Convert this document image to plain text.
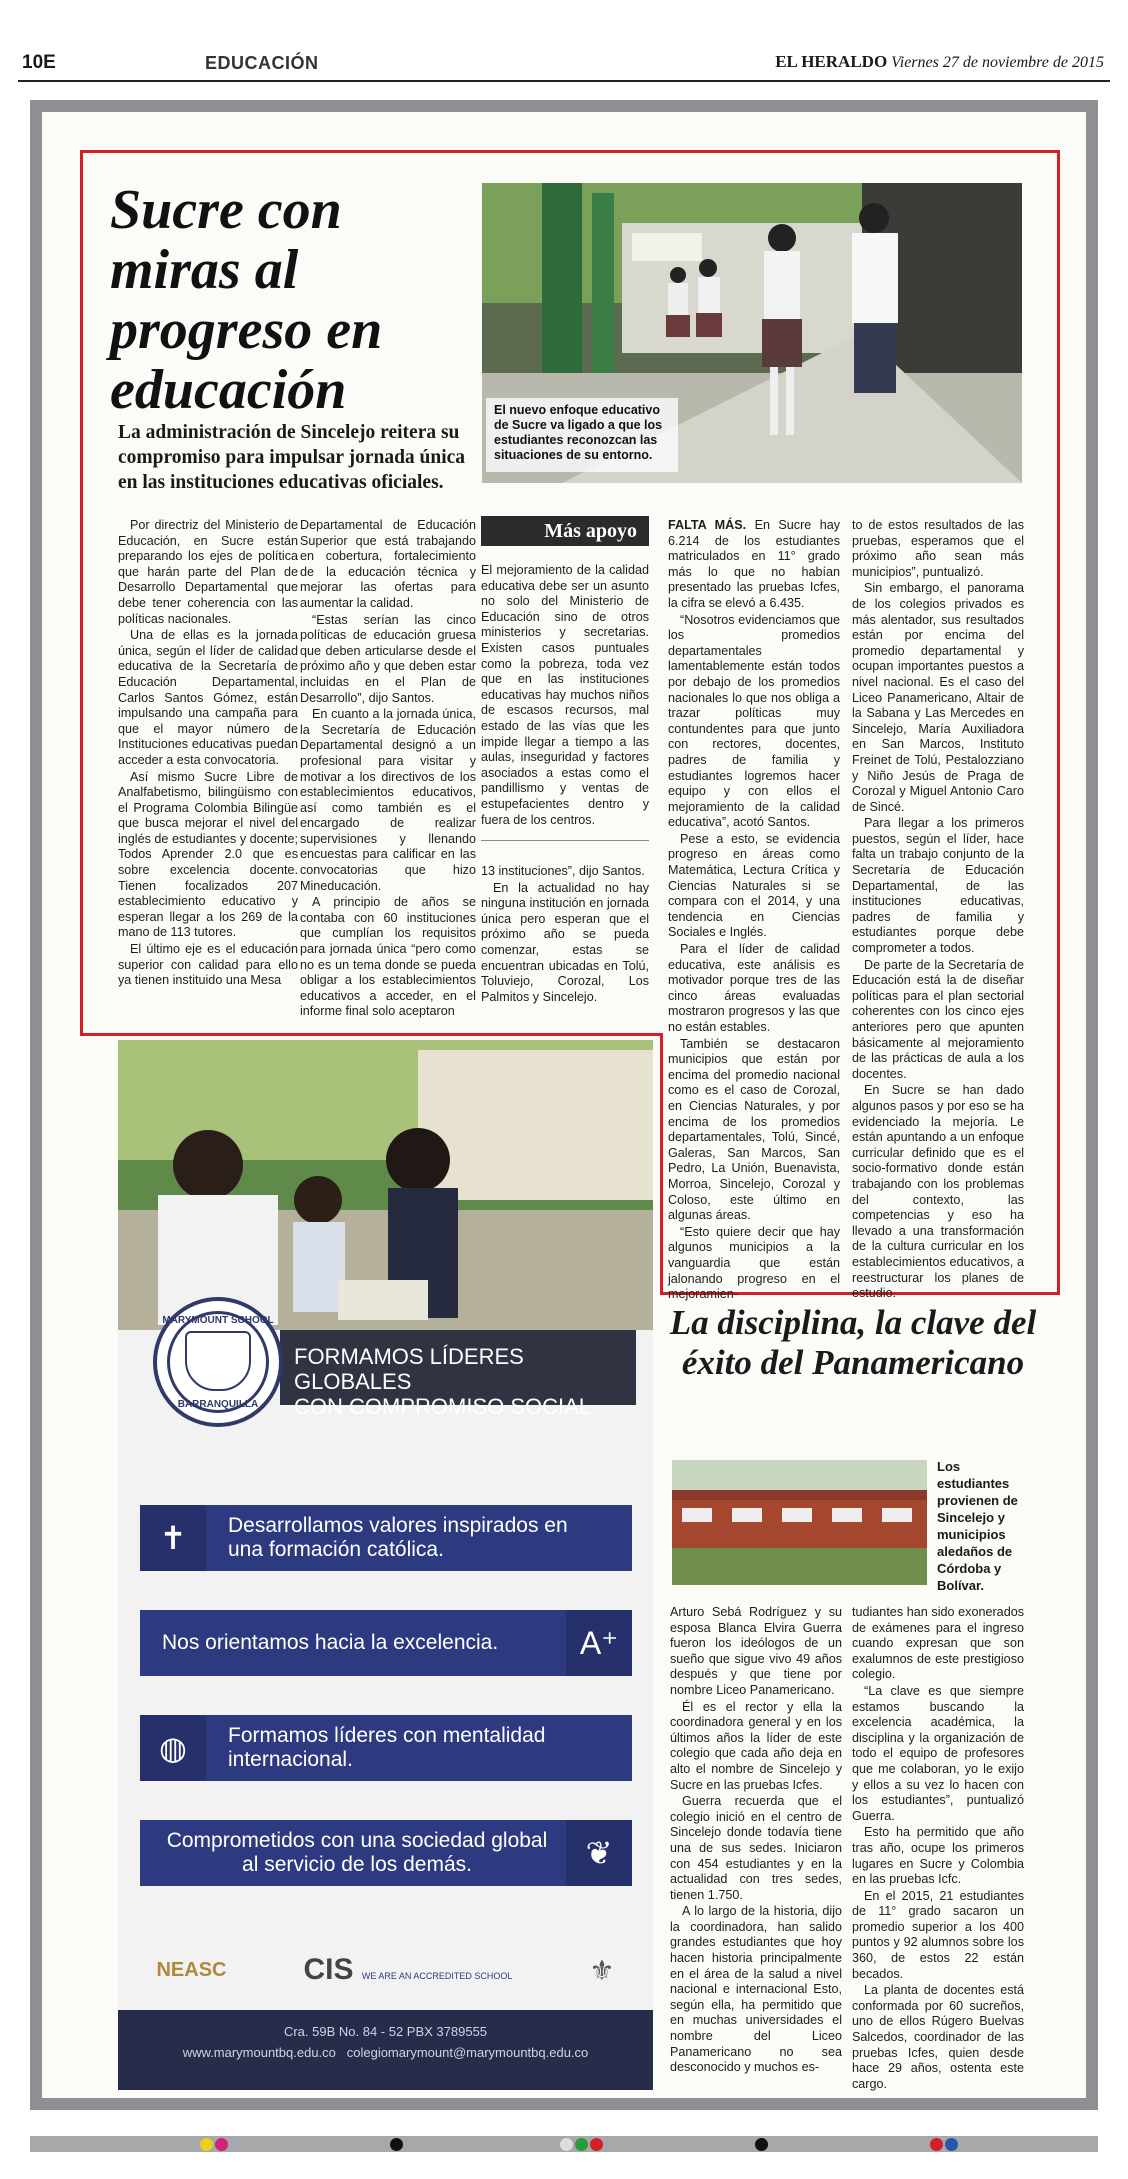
10E	EDUCACIÓN	EL HERALDO Viernes 27 de noviembre de 2015
Sucre con miras al progreso en educación

La administración de Sincelejo reitera su compromiso para impulsar jornada única en las instituciones educativas oficiales.

El nuevo enfoque educativo de Sucre va ligado a que los estudiantes reconozcan las situaciones de su entorno.

Por directriz del Ministerio de Educación, en Sucre están preparando los ejes de política que harán parte del Plan de Desarrollo Departamental que debe tener coherencia con las políticas nacionales.

Una de ellas es la jornada única, según el líder de calidad educativa de la Secretaría de Educación Departamental, Carlos Santos Gómez, están impulsando una campaña para que el mayor número de Instituciones educativas puedan acceder a esta convocatoria.

Así mismo Sucre Libre de Analfabetismo, bilingüismo con el Programa Colombia Bilingüe que busca mejorar el nivel del inglés de estudiantes y docente; Todos Aprender 2.0 que es sobre excelencia docente. Tienen focalizados 207 establecimiento educativo y esperan llegar a los 269 de la mano de 113 tutores.

El último eje es el educación superior con calidad para ello ya tienen instituido una Mesa

Departamental de Educación Superior que está trabajando en cobertura, fortalecimiento de la educación técnica y mejorar las ofertas para aumentar la calidad.

“Estas serían las cinco políticas de educación gruesa que deben articularse desde el próximo año y que deben estar incluidas en el Plan de Desarrollo”, dijo Santos.

En cuanto a la jornada única, la Secretaría de Educación Departamental designó a un profesional para visitar y motivar a los directivos de los establecimientos educativos, así como también es el encargado de realizar supervisiones y llenando encuestas para calificar en las convocatorias que hizo Mineducación.

A principio de años se contaba con 60 instituciones que cumplían los requisitos para jornada única “pero como no es un tema donde se pueda obligar a los establecimientos educativos a acceder, en el informe final solo aceptaron

Más apoyo

El mejoramiento de la calidad educativa debe ser un asunto no solo del Ministerio de Educación sino de otros ministerios y secretarias. Existen casos puntuales como la pobreza, toda vez que en las instituciones educativas hay muchos niños de escasos recursos, mal estado de las vías que les impide llegar a tiempo a las aulas, inseguridad y factores asociados a estas como el pandillismo y ventas de estupefacientes dentro y fuera de los centros.

13 instituciones”, dijo Santos.

En la actualidad no hay ninguna institución en jornada única pero esperan que el próximo año se pueda comenzar, estas se encuentran ubicadas en Tolú, Toluviejo, Corozal, Los Palmitos y Sincelejo.

FALTA MÁS. En Sucre hay 6.214 de los estudiantes matriculados en 11° grado más lo que no habían presentado las pruebas Icfes, la cifra se elevó a 6.435.

“Nosotros evidenciamos que los promedios departamentales lamentablemente están todos por debajo de los promedios nacionales lo que nos obliga a trazar políticas muy contundentes para que junto con rectores, docentes, padres de familia y estudiantes logremos hacer equipo y con ellos el mejoramiento de la calidad educativa”, acotó Santos.

Pese a esto, se evidencia progreso en áreas como Matemática, Lectura Crítica y Ciencias Naturales si se compara con el 2014, y una tendencia en Ciencias Sociales e Inglés.

Para el líder de calidad educativa, este análisis es motivador porque tres de las cinco áreas evaluadas mostraron progresos y las que no están estables.

También se destacaron municipios que están por encima del promedio nacional como es el caso de Corozal, en Ciencias Naturales, y por encima de los promedios departamentales, Tolú, Sincé, Galeras, San Marcos, San Pedro, La Unión, Buenavista, Morroa, Sincelejo, Corozal y Coloso, este último en algunas áreas.

“Esto quiere decir que hay algunos municipios a la vanguardia que están jalonando progreso en el mejoramien-

to de estos resultados de las pruebas, esperamos que el próximo año sean más municipios”, puntualizó.

Sin embargo, el panorama de los colegios privados es más alentador, sus resultados están por encima del promedio departamental y ocupan importantes puestos a nivel nacional. Es el caso del Liceo Panamericano, Altair de la Sabana y Las Mercedes en Sincelejo, María Auxiliadora en San Marcos, Instituto Freinet de Tolú, Pestalozziano y Niño Jesús de Praga de Corozal y Miguel Antonio Caro de Sincé.

Para llegar a los primeros puestos, según el líder, hace falta un trabajo conjunto de la Secretaría de Educación Departamental, de las instituciones educativas, padres de familia y estudiantes porque debe comprometer a todos.

De parte de la Secretaría de Educación está la de diseñar políticas para el plan sectorial coherentes con los cinco ejes anteriores pero que apunten básicamente al mejoramiento de las prácticas de aula a los docentes.

En Sucre se han dado algunos pasos y por eso se ha evidenciado la mejoría. Le están apuntando a un enfoque curricular definido que es el socio-formativo donde están trabajando con los problemas del contexto, las competencias y eso ha llevado a una transformación de la cultura curricular en los establecimientos educativos, a reestructurar los planes de estudio.

FORMAMOS LÍDERES GLOBALES
CON COMPROMISO SOCIAL
MARYMOUNT SCHOOL
BARRANQUILLA
✝	Desarrollamos valores inspirados en una formación católica.
Nos orientamos hacia la excelencia.	A⁺
◍	Formamos líderes con mentalidad internacional.
Comprometidos con una sociedad global al servicio de los demás.	❦
NEASC	CIS WE ARE AN ACCREDITED SCHOOL	⚜
Cra. 59B No. 84 - 52 PBX 3789555
www.marymountbq.edu.co colegiomarymount@marymountbq.edu.co
La disciplina, la clave del éxito del Panamericano

Los estudiantes provienen de Sincelejo y municipios aledaños de Córdoba y Bolívar.

Arturo Sebá Rodríguez y su esposa Blanca Elvira Guerra fueron los ideólogos de un sueño que sigue vivo 49 años después y que tiene por nombre Liceo Panamericano.

Él es el rector y ella la coordinadora general y en los últimos años la líder de este colegio que cada año deja en alto el nombre de Sincelejo y Sucre en las pruebas Icfes.

Guerra recuerda que el colegio inició en el centro de Sincelejo donde todavía tiene una de sus sedes. Iniciaron con 454 estudiantes y en la actualidad con tres sedes, tienen 1.750.

A lo largo de la historia, dijo la coordinadora, han salido grandes estudiantes que hoy hacen historia principalmente en el área de la salud a nivel nacional e internacional Esto, según ella, ha permitido que en muchas universidades el nombre del Liceo Panamericano no sea desconocido y muchos es-

tudiantes han sido exonerados de exámenes para el ingreso cuando expresan que son exalumnos de este prestigioso colegio.

“La clave es que siempre estamos buscando la excelencia académica, la disciplina y la organización de todo el equipo de profesores que me colaboran, yo le exijo y ellos a su vez lo hacen con los estudiantes”, puntualizó Guerra.

Esto ha permitido que año tras año, ocupe los primeros lugares en Sucre y Colombia en las pruebas Icfc.

En el 2015, 21 estudiantes de 11° grado sacaron un promedio superior a los 400 puntos y 92 alumnos sobre los 360, de estos 22 están becados.

La planta de docentes está conformada por 60 sucreños, uno de ellos Rúgero Buelvas Salcedos, coordinador de las pruebas Icfes, quien desde hace 29 años, ostenta este cargo.
